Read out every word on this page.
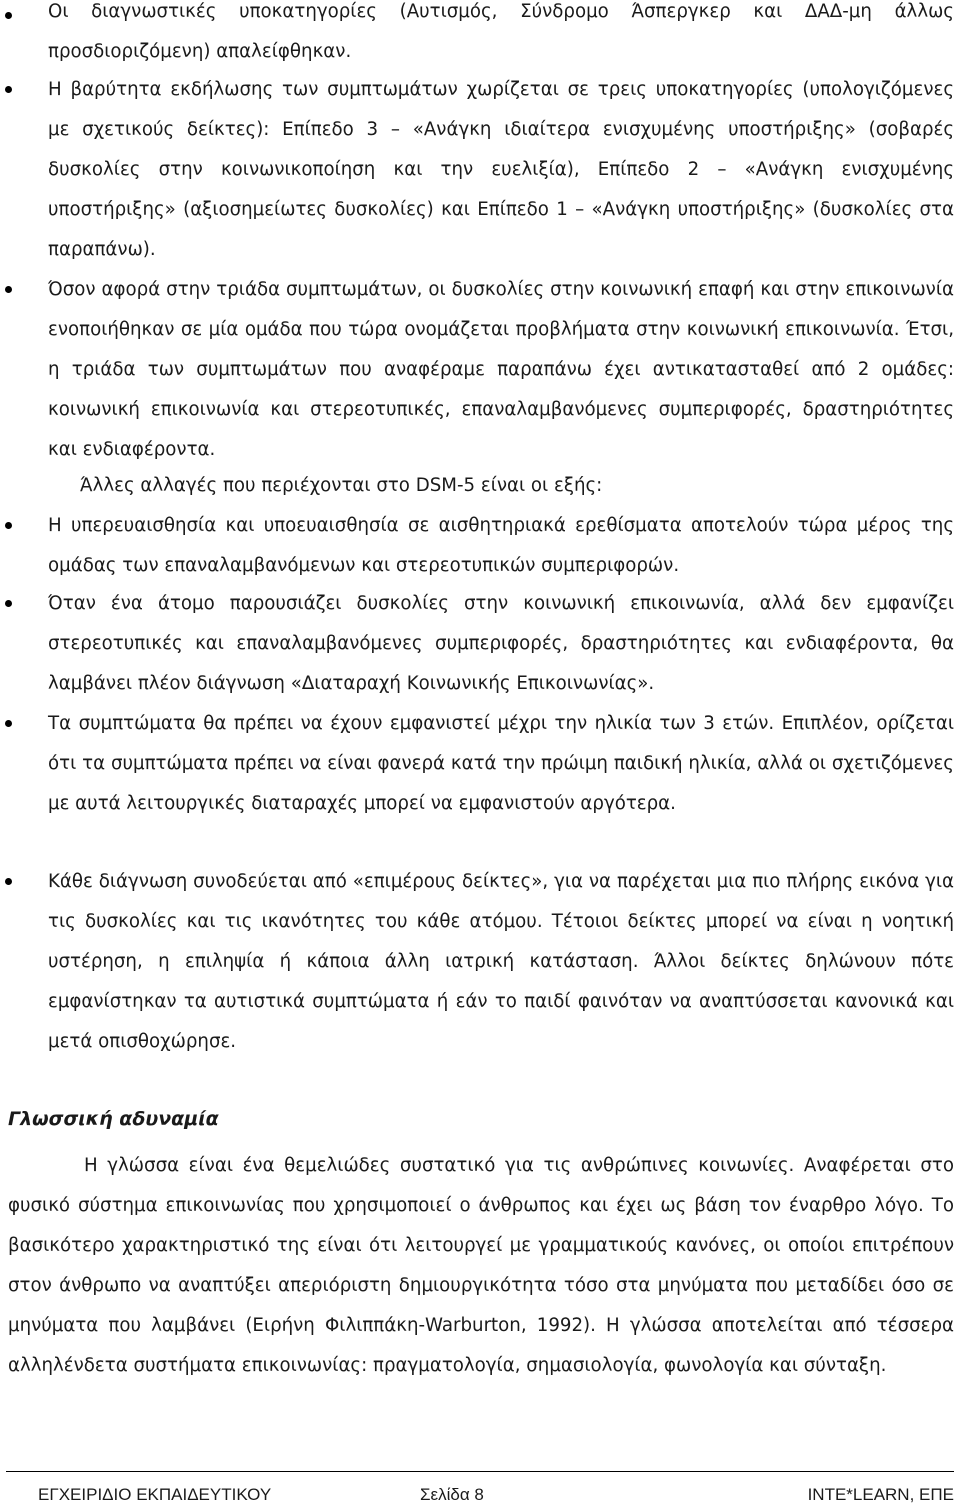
Οι διαγνωστικές υποκατηγορίες (Αυτισμός, Σύνδρομο Άσπεργκερ και ΔΑΔ-μη άλλως προσδιοριζόμενη) απαλείφθηκαν.

Η βαρύτητα εκδήλωσης των συμπτωμάτων χωρίζεται σε τρεις υποκατηγορίες (υπολογιζόμενες με σχετικούς δείκτες): Επίπεδο 3 – «Ανάγκη ιδιαίτερα ενισχυμένης υποστήριξης» (σοβαρές δυσκολίες στην κοινωνικοποίηση και την ευελιξία), Επίπεδο 2 – «Ανάγκη ενισχυμένης υποστήριξης» (αξιοσημείωτες δυσκολίες) και Επίπεδο 1 – «Ανάγκη υποστήριξης» (δυσκολίες στα παραπάνω).

Όσον αφορά στην τριάδα συμπτωμάτων, οι δυσκολίες στην κοινωνική επαφή και στην επικοινωνία ενοποιήθηκαν σε μία ομάδα που τώρα ονομάζεται προβλήματα στην κοινωνική επικοινωνία. Έτσι, η τριάδα των συμπτωμάτων που αναφέραμε παραπάνω έχει αντικατασταθεί από 2 ομάδες: κοινωνική επικοινωνία και στερεοτυπικές, επαναλαμβανόμενες συμπεριφορές, δραστηριότητες και ενδιαφέροντα.

Άλλες αλλαγές που περιέχονται στο DSM-5 είναι οι εξής:

Η υπερευαισθησία και υποευαισθησία σε αισθητηριακά ερεθίσματα αποτελούν τώρα μέρος της ομάδας των επαναλαμβανόμενων και στερεοτυπικών συμπεριφορών.

Όταν ένα άτομο παρουσιάζει δυσκολίες στην κοινωνική επικοινωνία, αλλά δεν εμφανίζει στερεοτυπικές και επαναλαμβανόμενες συμπεριφορές, δραστηριότητες και ενδιαφέροντα, θα λαμβάνει πλέον διάγνωση «Διαταραχή Κοινωνικής Επικοινωνίας».

Τα συμπτώματα θα πρέπει να έχουν εμφανιστεί μέχρι την ηλικία των 3 ετών. Επιπλέον, ορίζεται ότι τα συμπτώματα πρέπει να είναι φανερά κατά την πρώιμη παιδική ηλικία, αλλά οι σχετιζόμενες με αυτά λειτουργικές διαταραχές μπορεί να εμφανιστούν αργότερα.

Κάθε διάγνωση συνοδεύεται από «επιμέρους δείκτες», για να παρέχεται μια πιο πλήρης εικόνα για τις δυσκολίες και τις ικανότητες του κάθε ατόμου. Τέτοιοι δείκτες μπορεί να είναι η νοητική υστέρηση, η επιληψία ή κάποια άλλη ιατρική κατάσταση. Άλλοι δείκτες δηλώνουν πότε εμφανίστηκαν τα αυτιστικά συμπτώματα ή εάν το παιδί φαινόταν να αναπτύσσεται κανονικά και μετά οπισθοχώρησε.

Γλωσσική αδυναμία

Η γλώσσα είναι ένα θεμελιώδες συστατικό για τις ανθρώπινες κοινωνίες. Αναφέρεται στο φυσικό σύστημα επικοινωνίας που χρησιμοποιεί ο άνθρωπος και έχει ως βάση τον έναρθρο λόγο. Το βασικότερο χαρακτηριστικό της είναι ότι λειτουργεί με γραμματικούς κανόνες, οι οποίοι επιτρέπουν στον άνθρωπο να αναπτύξει απεριόριστη δημιουργικότητα τόσο στα μηνύματα που μεταδίδει όσο σε μηνύματα που λαμβάνει (Ειρήνη Φιλιππάκη-Warburton, 1992). Η γλώσσα αποτελείται από τέσσερα αλληλένδετα συστήματα επικοινωνίας: πραγματολογία, σημασιολογία, φωνολογία και σύνταξη.

ΕΓΧΕΙΡΙΔΙΟ ΕΚΠΑΙΔΕΥΤΙΚΟΥ	Σελίδα 8	INTE*LEARN, ΕΠΕ
